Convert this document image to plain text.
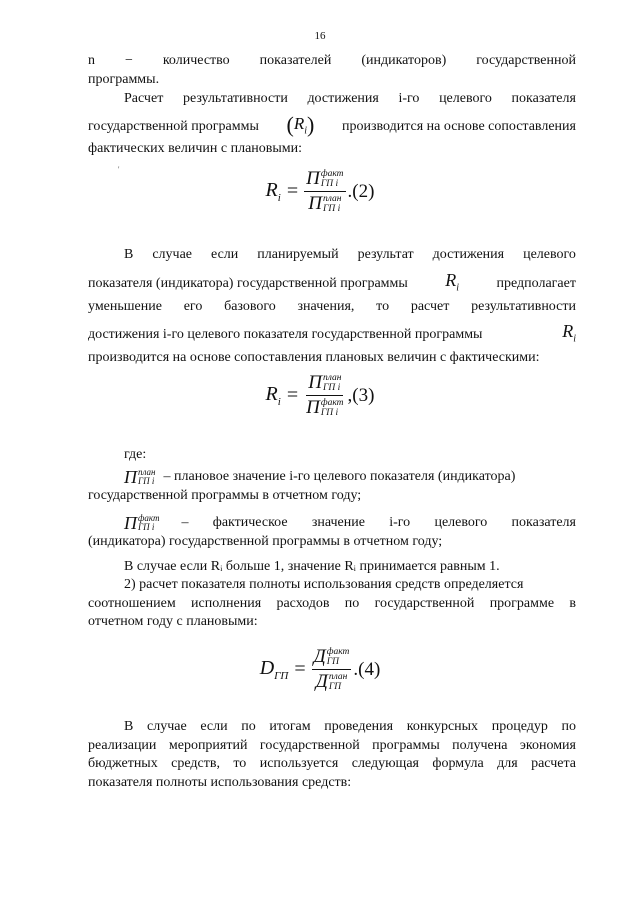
16
n − количество показателей (индикаторов) государственной
программы.
Расчет результативности достижения i-го целевого показателя
государственной программы $(R_i)$ производится на основе сопоставления
фактических величин с плановыми:
'
$R_i = П$ факт
ГП i
П план
ГП i .(2)
В случае если планируемый результат достижения целевого
показателя (индикатора) государственной программы $R_i$	предполагает
уменьшение его базового значения, то расчет результативности
достижения i-го целевого показателя государственной программы	$R_i$
производится на основе сопоставления плановых величин с фактическими:
$R_i = П$ план
ГП i
П факт
ГП i ,(3)
где:
П план
ГП i – плановое значение i-го целевого показателя (индикатора)
государственной программы в отчетном году;
П факт
ГП i	– фактическое значение i-го целевого показателя
(индикатора) государственной программы в отчетном году;
В случае если Rᵢ больше 1, значение Rᵢ принимается равным 1.
2) расчет показателя полноты использования средств определяется
соотношением исполнения расходов по государственной программе в
отчетном году с плановыми:
$D_{ГП} = Д$ факт
ГП
Д план
ГП .(4)
В случае если по итогам проведения конкурсных процедур по
реализации мероприятий государственной программы получена экономия
бюджетных средств, то используется следующая формула для расчета
показателя полноты использования средств:
